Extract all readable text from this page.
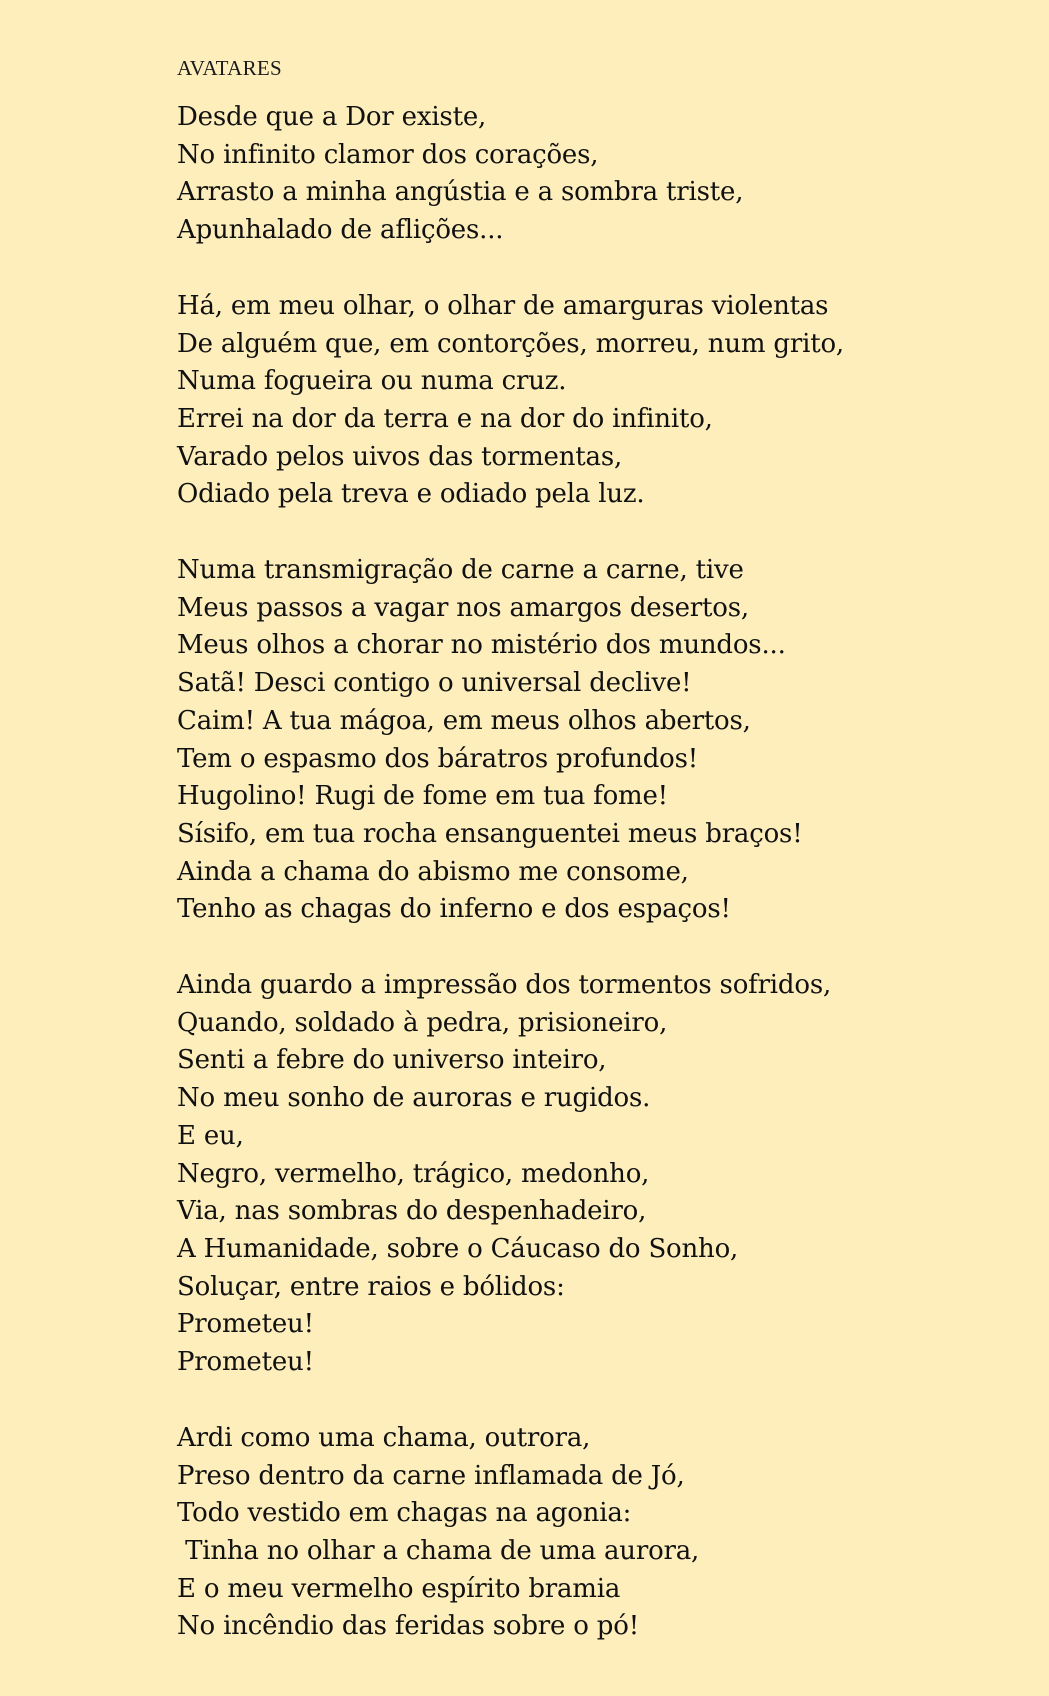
AVATARES
Desde que a Dor existe,
No infinito clamor dos corações,
Arrasto a minha angústia e a sombra triste,
Apunhalado de aflições...
Há, em meu olhar, o olhar de amarguras violentas
De alguém que, em contorções, morreu, num grito,
Numa fogueira ou numa cruz.
Errei na dor da terra e na dor do infinito,
Varado pelos uivos das tormentas,
Odiado pela treva e odiado pela luz.
Numa transmigração de carne a carne, tive
Meus passos a vagar nos amargos desertos,
Meus olhos a chorar no mistério dos mundos...
Satã! Desci contigo o universal declive!
Caim! A tua mágoa, em meus olhos abertos,
Tem o espasmo dos báratros profundos!
Hugolino! Rugi de fome em tua fome!
Sísifo, em tua rocha ensanguentei meus braços!
Ainda a chama do abismo me consome,
Tenho as chagas do inferno e dos espaços!
Ainda guardo a impressão dos tormentos sofridos,
Quando, soldado à pedra, prisioneiro,
Senti a febre do universo inteiro,
No meu sonho de auroras e rugidos.
E eu,
Negro, vermelho, trágico, medonho,
Via, nas sombras do despenhadeiro,
A Humanidade, sobre o Cáucaso do Sonho,
Soluçar, entre raios e bólidos:
Prometeu!
Prometeu!
Ardi como uma chama, outrora,
Preso dentro da carne inflamada de Jó,
Todo vestido em chagas na agonia:
Tinha no olhar a chama de uma aurora,
E o meu vermelho espírito bramia
No incêndio das feridas sobre o pó!
